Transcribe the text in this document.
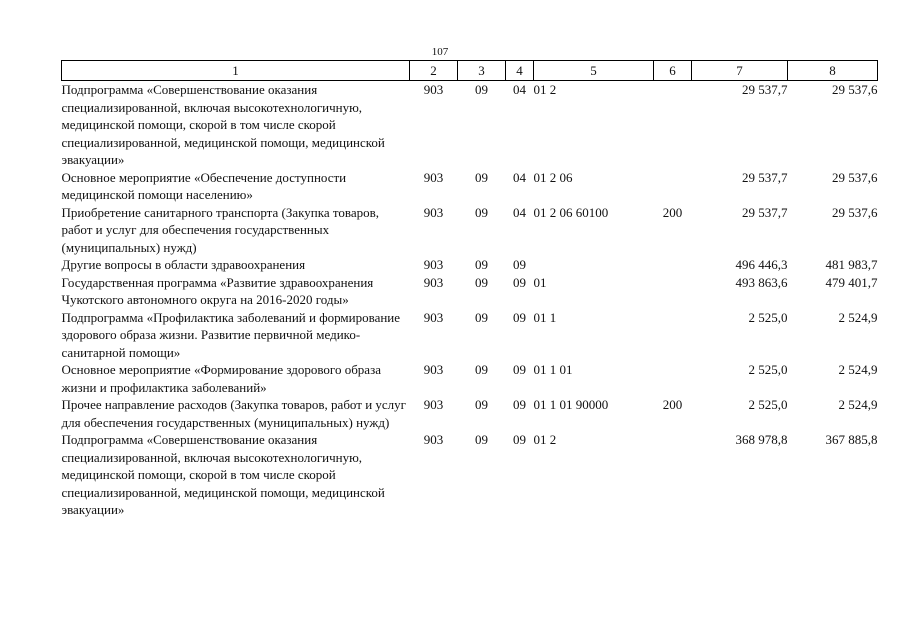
107
1	2	3	4	5	6	7	8
Подпрограмма «Совершенствование оказания специализированной, включая высокотехнологичную, медицинской помощи, скорой в том числе скорой специализированной, медицинской помощи, медицинской эвакуации»	903	09	04	01 2		29 537,7	29 537,6
Основное мероприятие «Обеспечение доступности медицинской помощи населению»	903	09	04	01 2 06		29 537,7	29 537,6
Приобретение санитарного транспорта (Закупка товаров, работ и услуг для обеспечения государственных (муниципальных) нужд)	903	09	04	01 2 06 60100	200	29 537,7	29 537,6
Другие вопросы в области здравоохранения	903	09	09			496 446,3	481 983,7
Государственная программа «Развитие здравоохранения Чукотского автономного округа на 2016-2020 годы»	903	09	09	01		493 863,6	479 401,7
Подпрограмма «Профилактика заболеваний и формирование здорового образа жизни. Развитие первичной медико-санитарной помощи»	903	09	09	01 1		2 525,0	2 524,9
Основное мероприятие «Формирование здорового образа жизни и профилактика заболеваний»	903	09	09	01 1 01		2 525,0	2 524,9
Прочее направление расходов (Закупка товаров, работ и услуг для обеспечения государственных (муниципальных) нужд)	903	09	09	01 1 01 90000	200	2 525,0	2 524,9
Подпрограмма «Совершенствование оказания специализированной, включая высокотехнологичную, медицинской помощи, скорой в том числе скорой специализированной, медицинской помощи, медицинской эвакуации»	903	09	09	01 2		368 978,8	367 885,8
